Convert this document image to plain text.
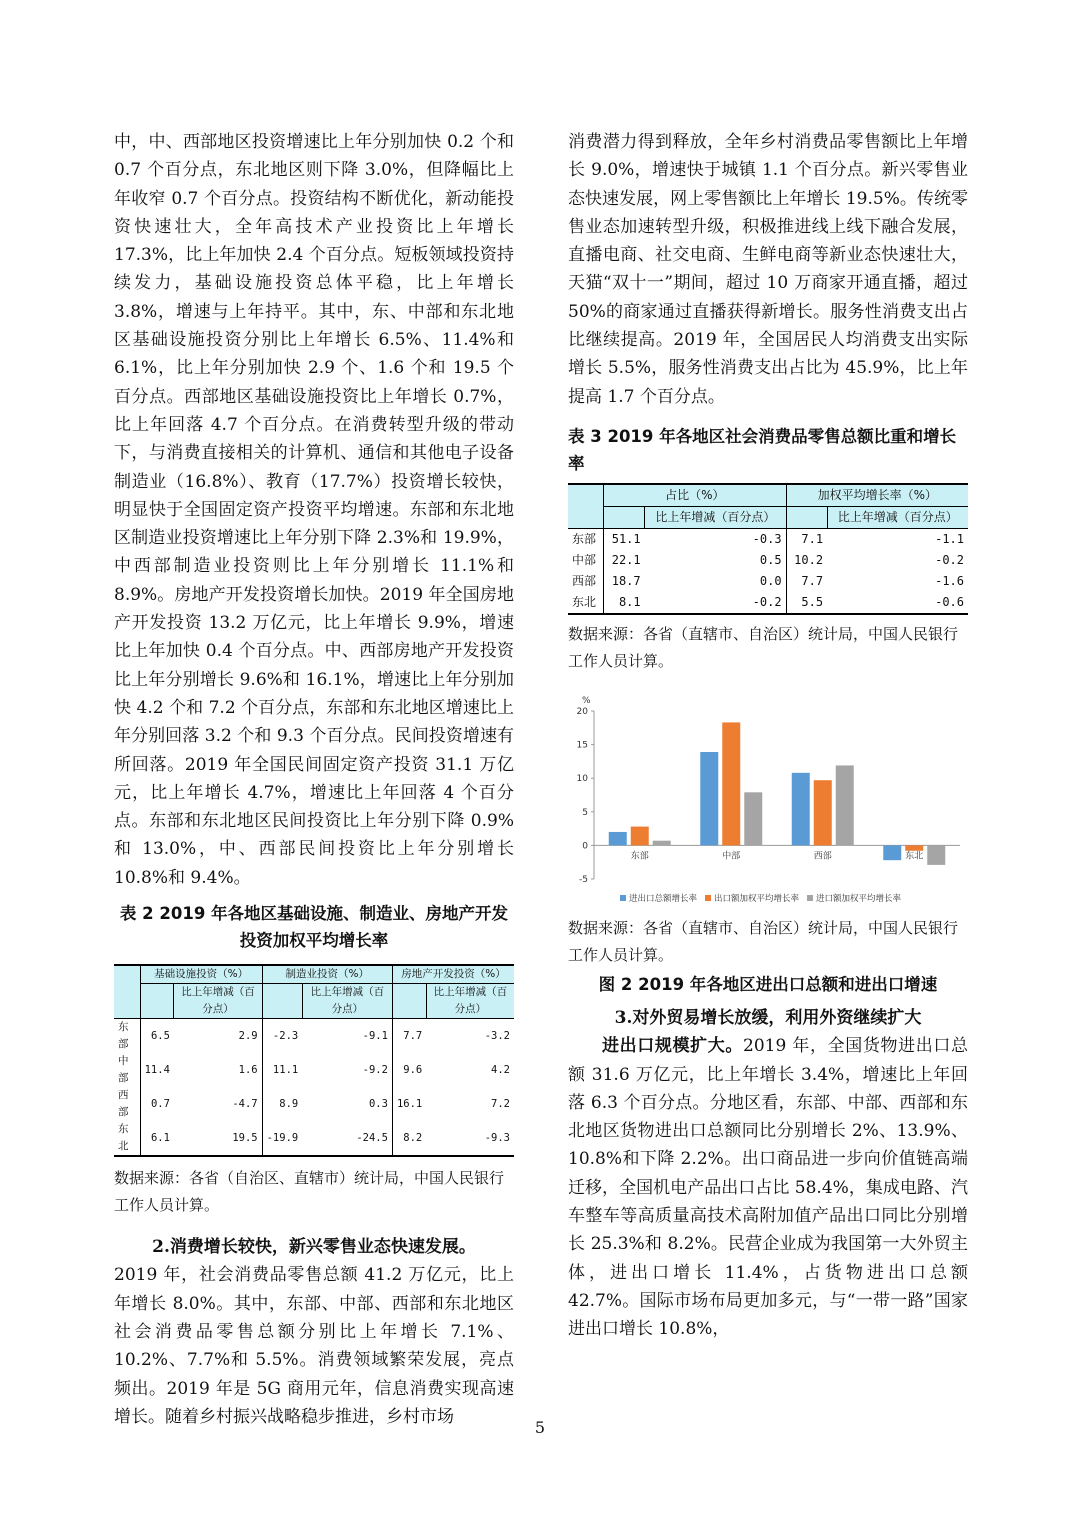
中，中、西部地区投资增速比上年分别加快 0.2 个和 0.7 个百分点，东北地区则下降 3.0%，但降幅比上年收窄 0.7 个百分点。投资结构不断优化，新动能投资快速壮大，全年高技术产业投资比上年增长 17.3%，比上年加快 2.4 个百分点。短板领域投资持续发力，基础设施投资总体平稳，比上年增长 3.8%，增速与上年持平。其中，东、中部和东北地区基础设施投资分别比上年增长 6.5%、11.4%和 6.1%，比上年分别加快 2.9 个、1.6 个和 19.5 个百分点。西部地区基础设施投资比上年增长 0.7%，比上年回落 4.7 个百分点。在消费转型升级的带动下，与消费直接相关的计算机、通信和其他电子设备制造业（16.8%）、教育（17.7%）投资增长较快，明显快于全国固定资产投资平均增速。东部和东北地区制造业投资增速比上年分别下降 2.3%和 19.9%，中西部制造业投资则比上年分别增长 11.1%和 8.9%。房地产开发投资增长加快。2019 年全国房地产开发投资 13.2 万亿元，比上年增长 9.9%，增速比上年加快 0.4 个百分点。中、西部房地产开发投资比上年分别增长 9.6%和 16.1%，增速比上年分别加快 4.2 个和 7.2 个百分点，东部和东北地区增速比上年分别回落 3.2 个和 9.3 个百分点。民间投资增速有所回落。2019 年全国民间固定资产投资 31.1 万亿元，比上年增长 4.7%，增速比上年回落 4 个百分点。东部和东北地区民间投资比上年分别下降 0.9%和 13.0%，中、西部民间投资比上年分别增长 10.8%和 9.4%。

表 2 2019 年各地区基础设施、制造业、房地产开发投资加权平均增长率
	基础设施投资（%）		制造业投资（%）		房地产开发投资（%）	
		比上年增减（百分点）		比上年增减（百分点）		比上年增减（百分点）
东部	6.5	2.9	-2.3	-9.1	7.7	-3.2
中部	11.4	1.6	11.1	-9.2	9.6	4.2
西部	0.7	-4.7	8.9	0.3	16.1	7.2
东北	6.1	19.5	-19.9	-24.5	8.2	-9.3

数据来源：各省（自治区、直辖市）统计局，中国人民银行工作人员计算。

2.消费增长较快，新兴零售业态快速发展。

2019 年，社会消费品零售总额 41.2 万亿元，比上年增长 8.0%。其中，东部、中部、西部和东北地区社会消费品零售总额分别比上年增长 7.1%、10.2%、7.7%和 5.5%。消费领域繁荣发展，亮点频出。2019 年是 5G 商用元年，信息消费实现高速增长。随着乡村振兴战略稳步推进，乡村市场

消费潜力得到释放，全年乡村消费品零售额比上年增长 9.0%，增速快于城镇 1.1 个百分点。新兴零售业态快速发展，网上零售额比上年增长 19.5%。传统零售业态加速转型升级，积极推进线上线下融合发展，直播电商、社交电商、生鲜电商等新业态快速壮大，天猫“双十一”期间，超过 10 万商家开通直播，超过 50%的商家通过直播获得新增长。服务性消费支出占比继续提高。2019 年，全国居民人均消费支出实际增长 5.5%，服务性消费支出占比为 45.9%，比上年提高 1.7 个百分点。

表 3 2019 年各地区社会消费品零售总额比重和增长率
	占比（%）		加权平均增长率（%）	
		比上年增减（百分点）		比上年增减（百分点）
东部	51.1	-0.3	7.1	-1.1
中部	22.1	0.5	10.2	-0.2
西部	18.7	0.0	7.7	-1.6
东北	8.1	-0.2	5.5	-0.6

数据来源：各省（直辖市、自治区）统计局，中国人民银行工作人员计算。

%
-5
0
5
10
15
20
东部	中部	西部	东北
进出口总额增长率 出口额加权平均增长率 进口额加权平均增长率

数据来源：各省（直辖市、自治区）统计局，中国人民银行工作人员计算。

图 2 2019 年各地区进出口总额和进出口增速

3.对外贸易增长放缓，利用外资继续扩大

进出口规模扩大。2019 年，全国货物进出口总额 31.6 万亿元，比上年增长 3.4%，增速比上年回落 6.3 个百分点。分地区看，东部、中部、西部和东北地区货物进出口总额同比分别增长 2%、13.9%、10.8%和下降 2.2%。出口商品进一步向价值链高端迁移，全国机电产品出口占比 58.4%，集成电路、汽车整车等高质量高技术高附加值产品出口同比分别增长 25.3%和 8.2%。民营企业成为我国第一大外贸主体，进出口增长 11.4%，占货物进出口总额 42.7%。国际市场布局更加多元，与“一带一路”国家进出口增长 10.8%，

5
